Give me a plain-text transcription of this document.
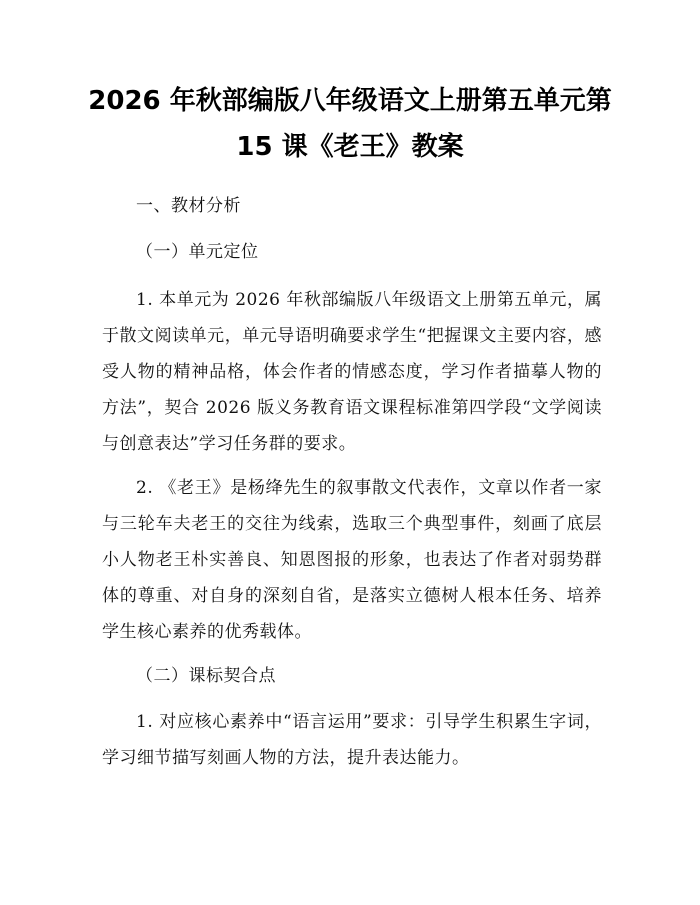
2026 年秋部编版八年级语文上册第五单元第
15 课《老王》教案
一、教材分析
（一）单元定位
1. 本单元为 2026 年秋部编版八年级语文上册第五单元，属于散文阅读单元，单元导语明确要求学生“把握课文主要内容，感受人物的精神品格，体会作者的情感态度，学习作者描摹人物的方法”，契合 2026 版义务教育语文课程标准第四学段“文学阅读与创意表达”学习任务群的要求。
2. 《老王》是杨绛先生的叙事散文代表作，文章以作者一家与三轮车夫老王的交往为线索，选取三个典型事件，刻画了底层小人物老王朴实善良、知恩图报的形象，也表达了作者对弱势群体的尊重、对自身的深刻自省，是落实立德树人根本任务、培养学生核心素养的优秀载体。
（二）课标契合点
1. 对应核心素养中“语言运用”要求：引导学生积累生字词，学习细节描写刻画人物的方法，提升表达能力。
